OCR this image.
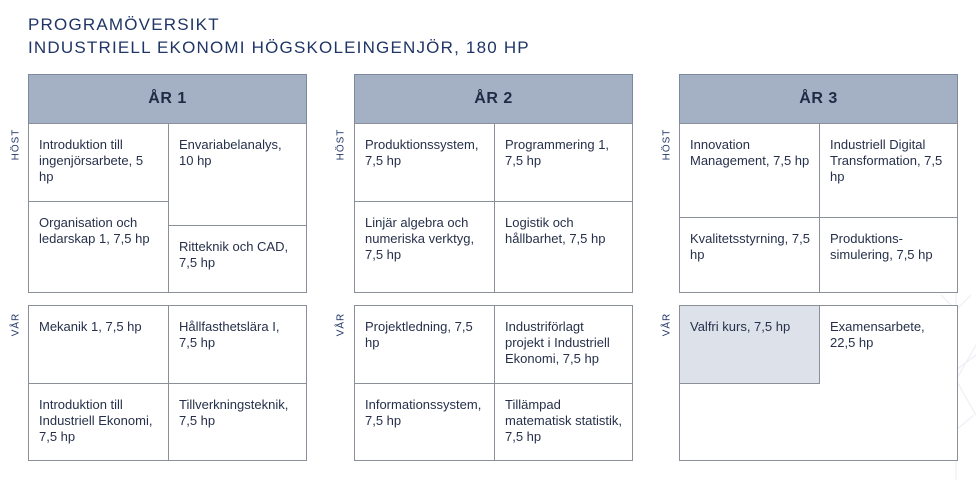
PROGRAMÖVERSIKT
INDUSTRIELL EKONOMI HÖGSKOLEINGENJÖR, 180 HP
HÖST
VÅR
HÖST
VÅR
HÖST
VÅR
ÅR 1
Introduktion till ingenjörsarbete, 5 hp
Envariabelanalys, 10 hp
Organisation och ledarskap 1, 7,5 hp
Ritteknik och CAD, 7,5 hp
Mekanik 1, 7,5 hp	Hållfasthetslära I, 7,5 hp
Introduktion till Industriell Ekonomi, 7,5 hp
Tillverkningsteknik, 7,5 hp
ÅR 2
Produktionssystem, 7,5 hp
Programmering 1, 7,5 hp
Linjär algebra och numeriska verktyg, 7,5 hp
Logistik och hållbarhet, 7,5 hp
Projektledning, 7,5 hp
Industriförlagt projekt i Industriell Ekonomi, 7,5 hp
Informationssystem, 7,5 hp
Tillämpad matematisk statistik, 7,5 hp
ÅR 3
Innovation Management, 7,5 hp
Industriell Digital Transformation, 7,5 hp
Kvalitetsstyrning, 7,5 hp
Produktions-simulering, 7,5 hp
Valfri kurs, 7,5 hp	Examensarbete, 22,5 hp
